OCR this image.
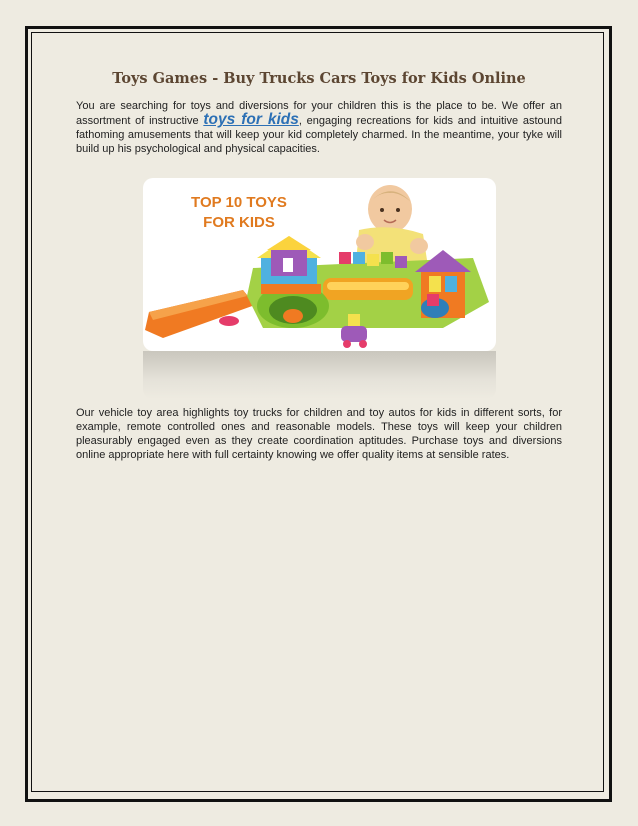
Toys Games - Buy Trucks Cars Toys for Kids Online

You are searching for toys and diversions for your children this is the place to be. We offer an assortment of instructive toys for kids, engaging recreations for kids and intuitive astound fathoming amusements that will keep your kid completely charmed. In the meantime, your tyke will build up his psychological and physical capacities.

TOP 10 TOYS
FOR KIDS

Our vehicle toy area highlights toy trucks for children and toy autos for kids in different sorts, for example, remote controlled ones and reasonable models. These toys will keep your children pleasurably engaged even as they create coordination aptitudes. Purchase toys and diversions online appropriate here with full certainty knowing we offer quality items at sensible rates.
